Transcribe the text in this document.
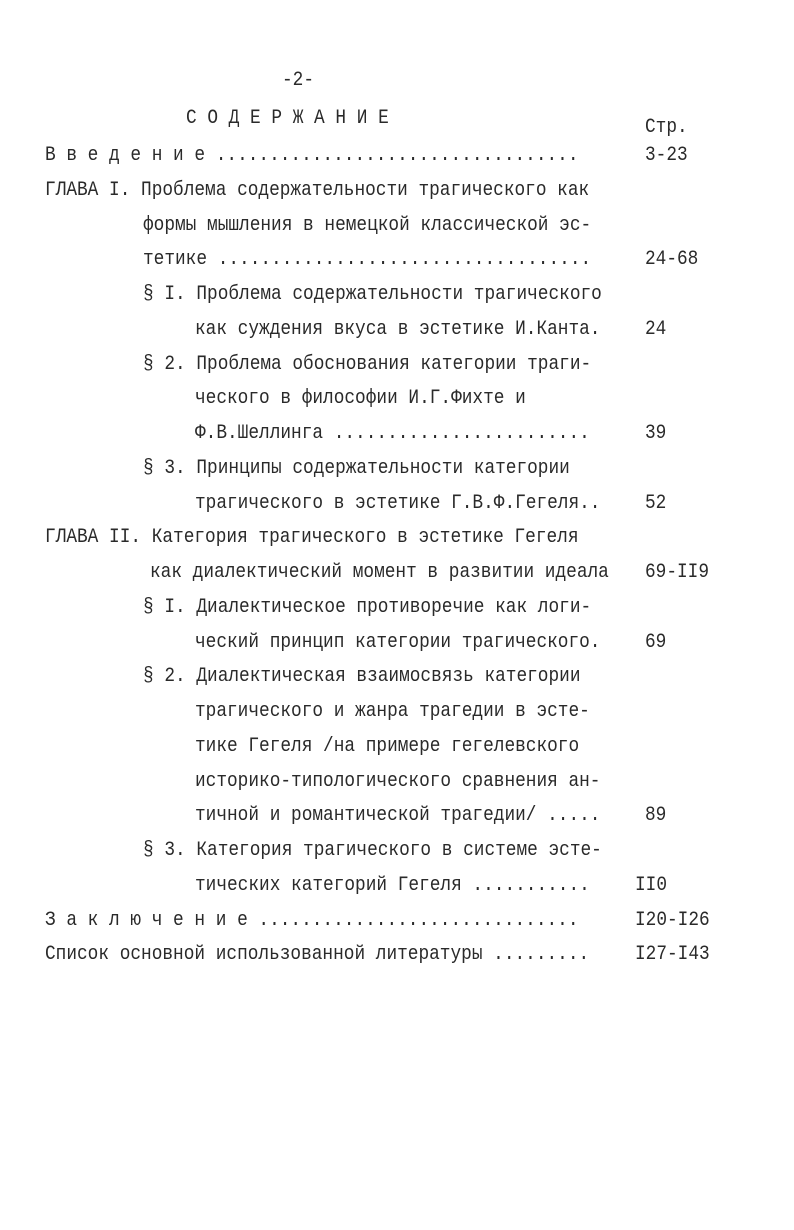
-2-
С О Д Е Р Ж А Н И Е	Стр.
В в е д е н и е ..................................	3-23
ГЛАВА I. Проблема содержательности трагического как
формы мышления в немецкой классической эс-
тетике ...................................	24-68
§ I. Проблема содержательности трагического
как суждения вкуса в эстетике И.Канта.	24
§ 2. Проблема обоснования категории траги-
ческого в философии И.Г.Фихте и
Ф.В.Шеллинга ........................	39
§ 3. Принципы содержательности категории
трагического в эстетике Г.В.Ф.Гегеля..	52
ГЛАВА II. Категория трагического в эстетике Гегеля
как диалектический момент в развитии идеала 69-II9
§ I. Диалектическое противоречие как логи-
ческий принцип категории трагического.	69
§ 2. Диалектическая взаимосвязь категории
трагического и жанра трагедии в эсте-
тике Гегеля /на примере гегелевского
историко-типологического сравнения ан-
тичной и романтической трагедии/ .....	89
§ 3. Категория трагического в системе эсте-
тических категорий Гегеля ...........	II0
З а к л ю ч е н и е ..............................	I20-I26
Список основной использованной литературы .........	I27-I43
